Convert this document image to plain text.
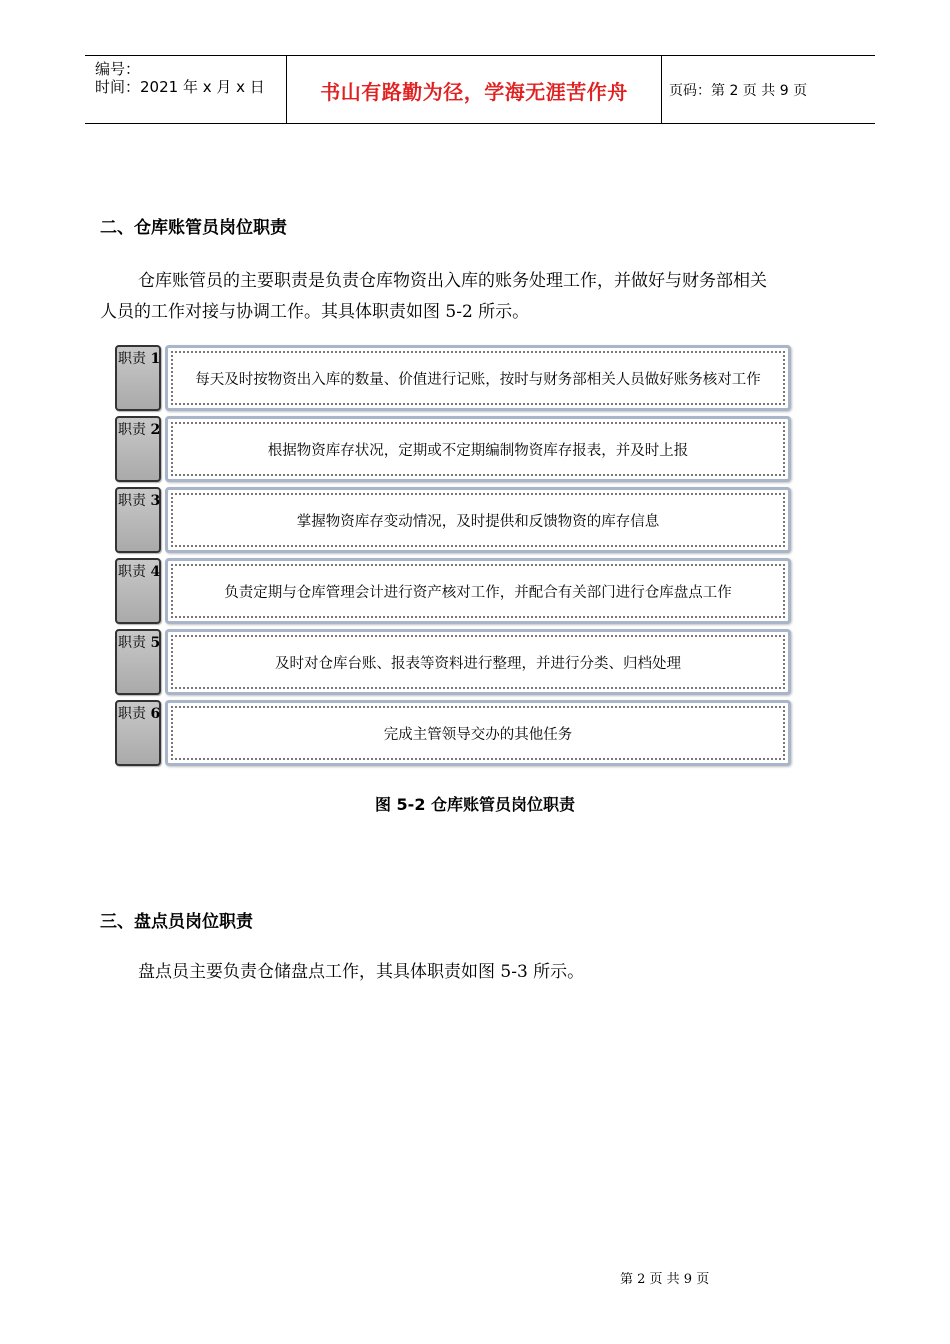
编号：
时间：2021 年 x 月 x 日	书山有路勤为径，学海无涯苦作舟	页码：第 2 页 共 9 页
二、仓库账管员岗位职责
仓库账管员的主要职责是负责仓库物资出入库的账务处理工作，并做好与财务部相关
人员的工作对接与协调工作。其具体职责如图 5-2 所示。
职责 1
每天及时按物资出入库的数量、价值进行记账，按时与财务部相关人员做好账务核对工作
职责 2
根据物资库存状况，定期或不定期编制物资库存报表，并及时上报
职责 3
掌握物资库存变动情况，及时提供和反馈物资的库存信息
职责 4
负责定期与仓库管理会计进行资产核对工作，并配合有关部门进行仓库盘点工作
职责 5
及时对仓库台账、报表等资料进行整理，并进行分类、归档处理
职责 6
完成主管领导交办的其他任务
图 5-2 仓库账管员岗位职责
三、盘点员岗位职责
盘点员主要负责仓储盘点工作，其具体职责如图 5-3 所示。
第 2 页 共 9 页
